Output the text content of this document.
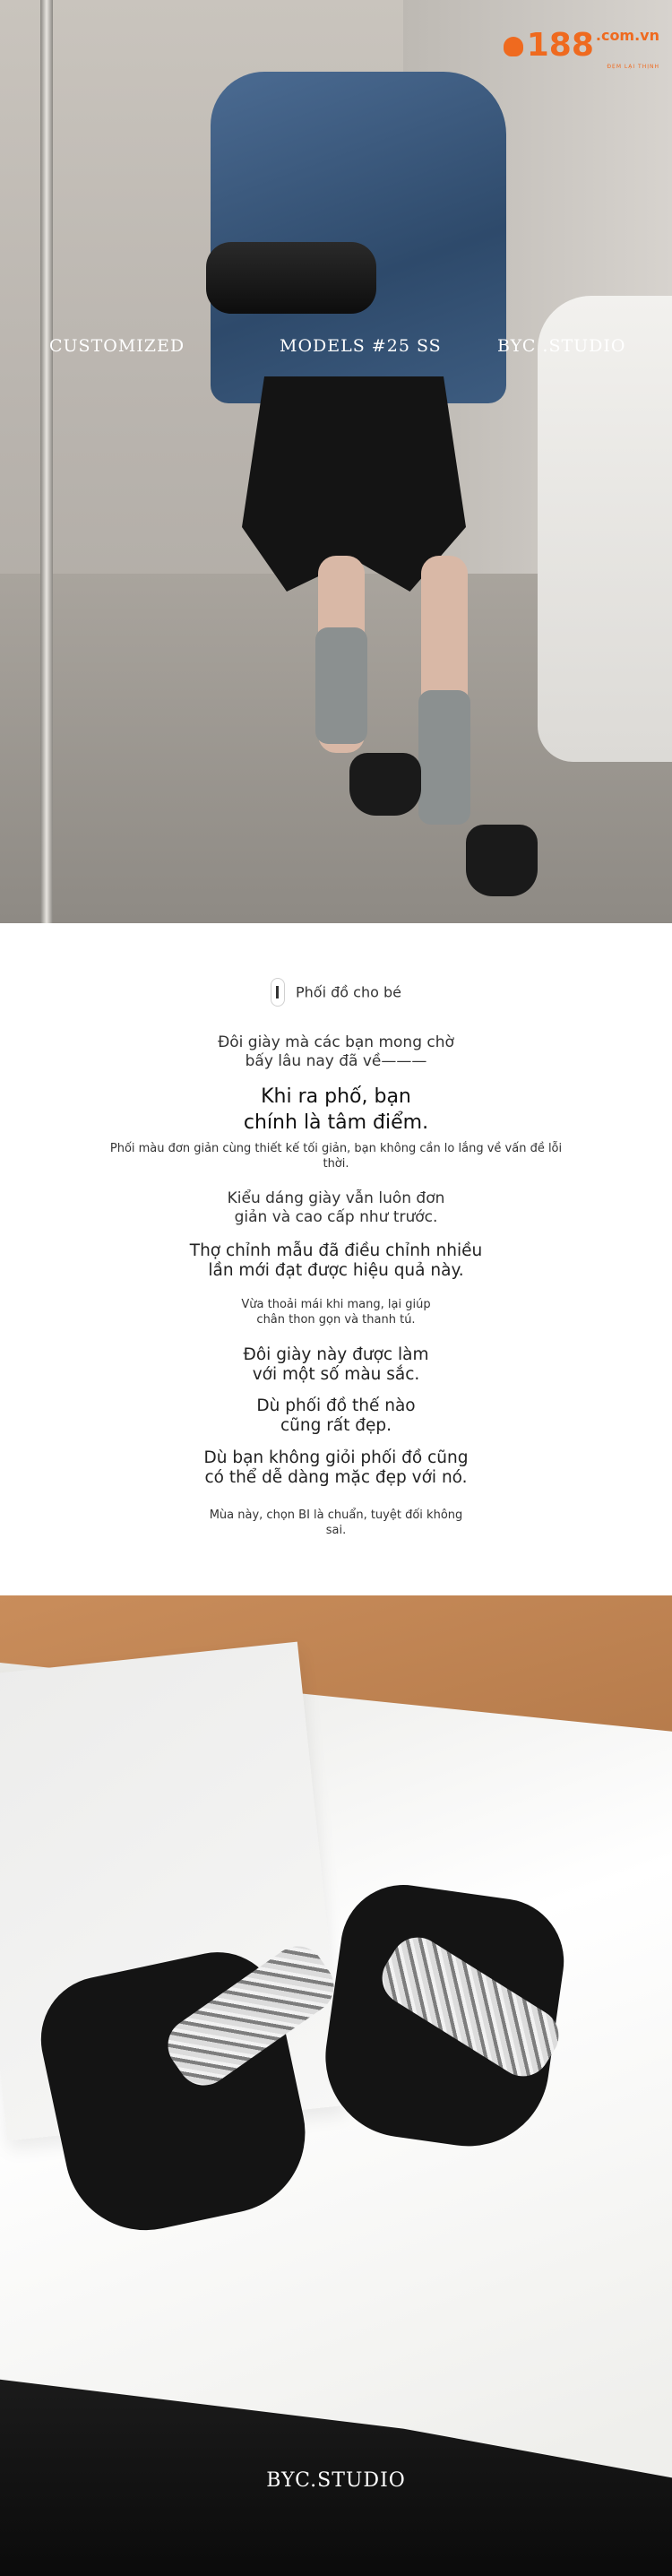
188 $^{.com.vn}$
ĐẸM LẠI THỊNH
CUSTOMIZED	MODELS #25 SS	BYC .STUDIO
Phối đồ cho bé
Đôi giày mà các bạn mong chờ
bấy lâu nay đã về———
Khi ra phố, bạn
chính là tâm điểm.
Phối màu đơn giản cùng thiết kế tối giản, bạn không cần lo lắng về vấn đề lỗi
thời.
Kiểu dáng giày vẫn luôn đơn
giản và cao cấp như trước.
Thợ chỉnh mẫu đã điều chỉnh nhiều
lần mới đạt được hiệu quả này.
Vừa thoải mái khi mang, lại giúp
chân thon gọn và thanh tú.
Đôi giày này được làm
với một số màu sắc.
Dù phối đồ thế nào
cũng rất đẹp.
Dù bạn không giỏi phối đồ cũng
có thể dễ dàng mặc đẹp với nó.
Mùa này, chọn BI là chuẩn, tuyệt đối không
sai.
BYC.STUDIO
